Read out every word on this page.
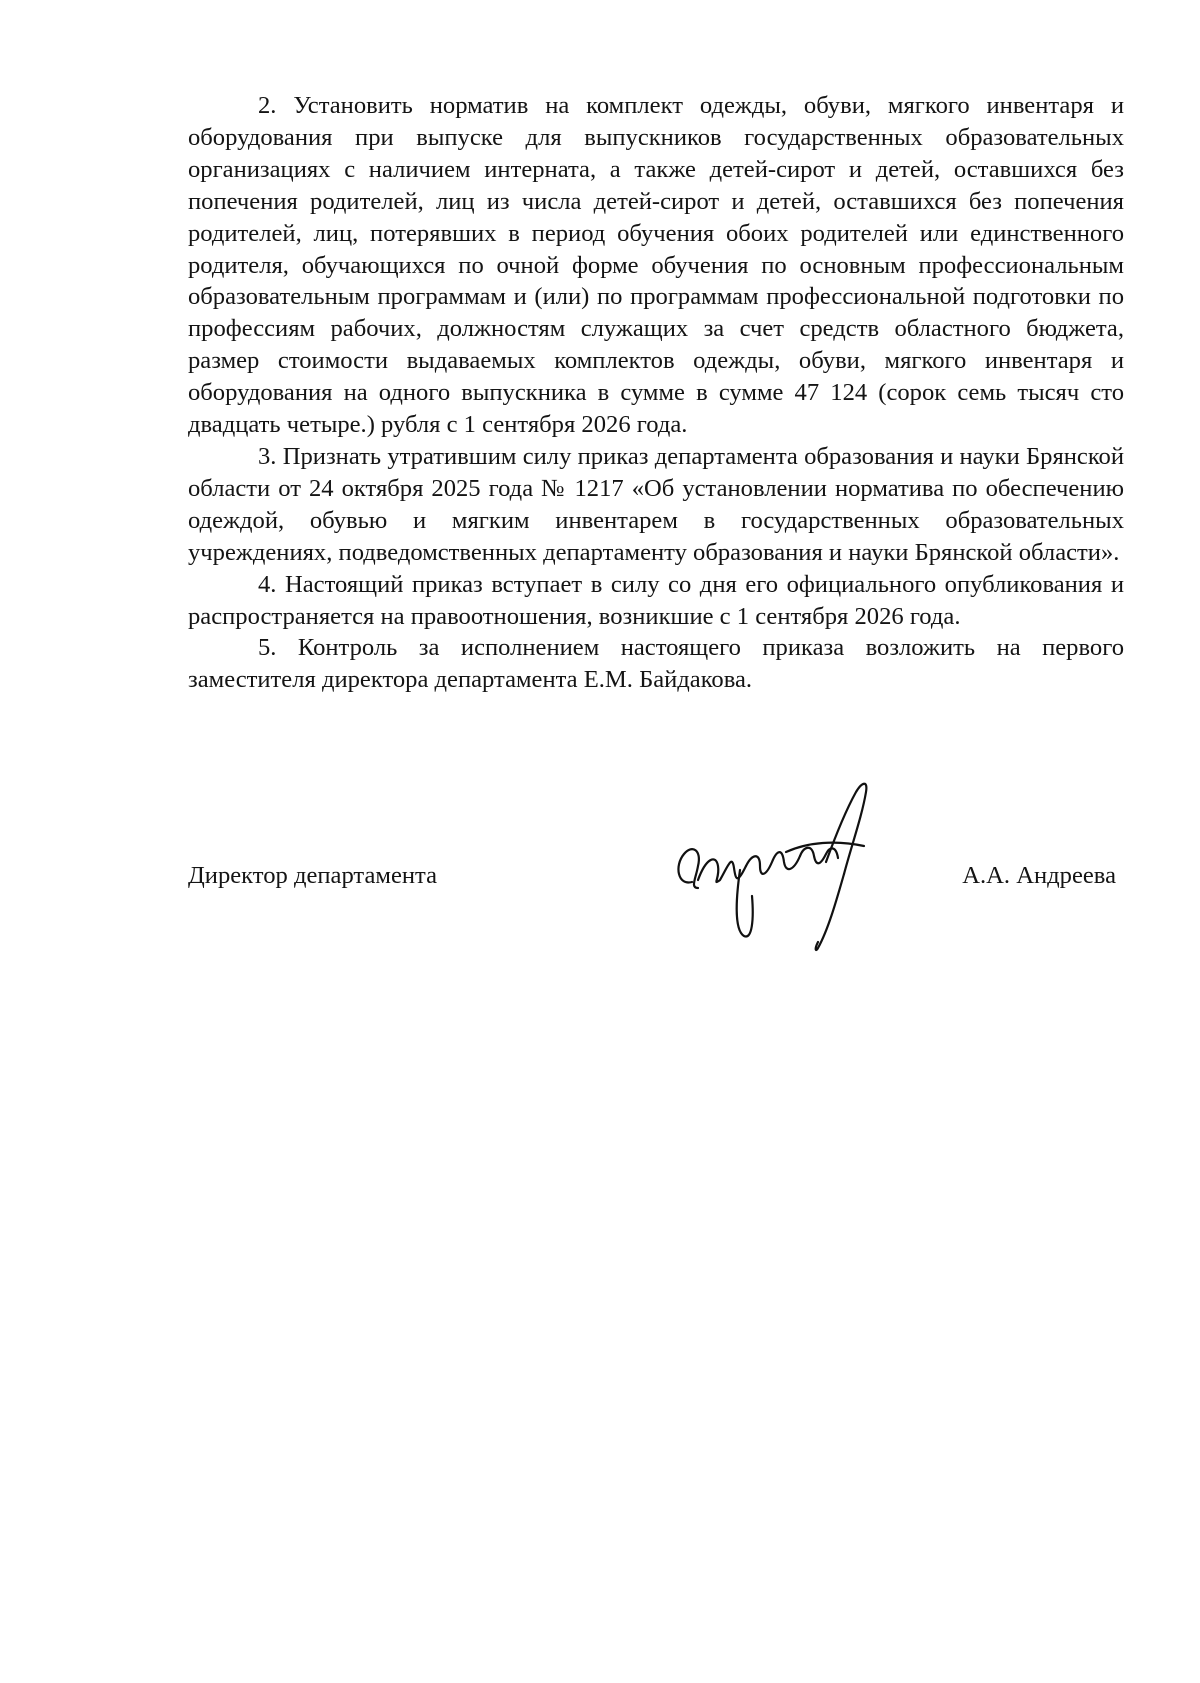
2. Установить норматив на комплект одежды, обуви, мягкого инвентаря и оборудования при выпуске для выпускников государственных образовательных организациях с наличием интерната, а также детей-сирот и детей, оставшихся без попечения родителей, лиц из числа детей-сирот и детей, оставшихся без попечения родителей, лиц, потерявших в период обучения обоих родителей или единственного родителя, обучающихся по очной форме обучения по основным профессиональным образовательным программам и (или) по программам профессиональной подготовки по профессиям рабочих, должностям служащих за счет средств областного бюджета, размер стоимости выдаваемых комплектов одежды, обуви, мягкого инвентаря и оборудования на одного выпускника в сумме в сумме 47 124 (сорок семь тысяч сто двадцать четыре.) рубля с 1 сентября 2026 года.

3. Признать утратившим силу приказ департамента образования и науки Брянской области от 24 октября 2025 года № 1217 «Об установлении норматива по обеспечению одеждой, обувью и мягким инвентарем в государственных образовательных учреждениях, подведомственных департаменту образования и науки Брянской области».

4. Настоящий приказ вступает в силу со дня его официального опубликования и распространяется на правоотношения, возникшие с 1 сентября 2026 года.

5. Контроль за исполнением настоящего приказа возложить на первого заместителя директора департамента Е.М. Байдакова.

Директор департамента	А.А. Андреева
